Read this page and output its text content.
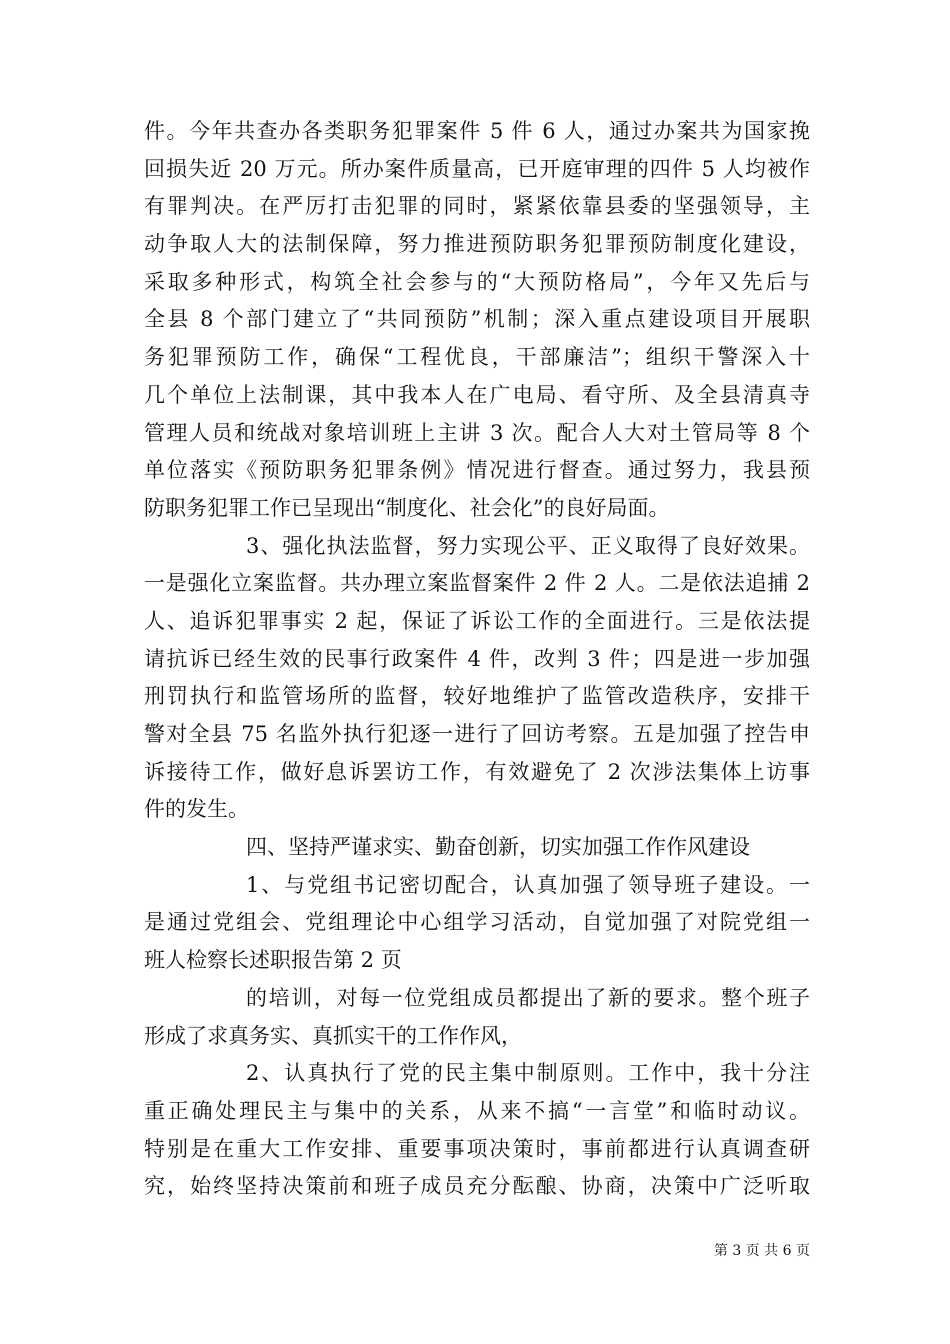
件。今年共查办各类职务犯罪案件 5 件 6 人，通过办案共为国家挽
回损失近 20 万元。所办案件质量高，已开庭审理的四件 5 人均被作
有罪判决。在严厉打击犯罪的同时，紧紧依靠县委的坚强领导，主
动争取人大的法制保障，努力推进预防职务犯罪预防制度化建设，
采取多种形式，构筑全社会参与的“大预防格局”，今年又先后与
全县 8 个部门建立了“共同预防”机制；深入重点建设项目开展职
务犯罪预防工作，确保“工程优良，干部廉洁”；组织干警深入十
几个单位上法制课，其中我本人在广电局、看守所、及全县清真寺
管理人员和统战对象培训班上主讲 3 次。配合人大对土管局等 8 个
单位落实《预防职务犯罪条例》情况进行督查。通过努力，我县预
防职务犯罪工作已呈现出“制度化、社会化”的良好局面。
3、强化执法监督，努力实现公平、正义取得了良好效果。
一是强化立案监督。共办理立案监督案件 2 件 2 人。二是依法追捕 2
人、追诉犯罪事实 2 起，保证了诉讼工作的全面进行。三是依法提
请抗诉已经生效的民事行政案件 4 件，改判 3 件；四是进一步加强
刑罚执行和监管场所的监督，较好地维护了监管改造秩序，安排干
警对全县 75 名监外执行犯逐一进行了回访考察。五是加强了控告申
诉接待工作，做好息诉罢访工作，有效避免了 2 次涉法集体上访事
件的发生。
四、坚持严谨求实、勤奋创新，切实加强工作作风建设
1、与党组书记密切配合，认真加强了领导班子建设。一
是通过党组会、党组理论中心组学习活动，自觉加强了对院党组一
班人检察长述职报告第 2 页
的培训，对每一位党组成员都提出了新的要求。整个班子
形成了求真务实、真抓实干的工作作风，
2、认真执行了党的民主集中制原则。工作中，我十分注
重正确处理民主与集中的关系，从来不搞“一言堂”和临时动议。
特别是在重大工作安排、重要事项决策时，事前都进行认真调查研
究，始终坚持决策前和班子成员充分酝酿、协商，决策中广泛听取
第 3 页 共 6 页
